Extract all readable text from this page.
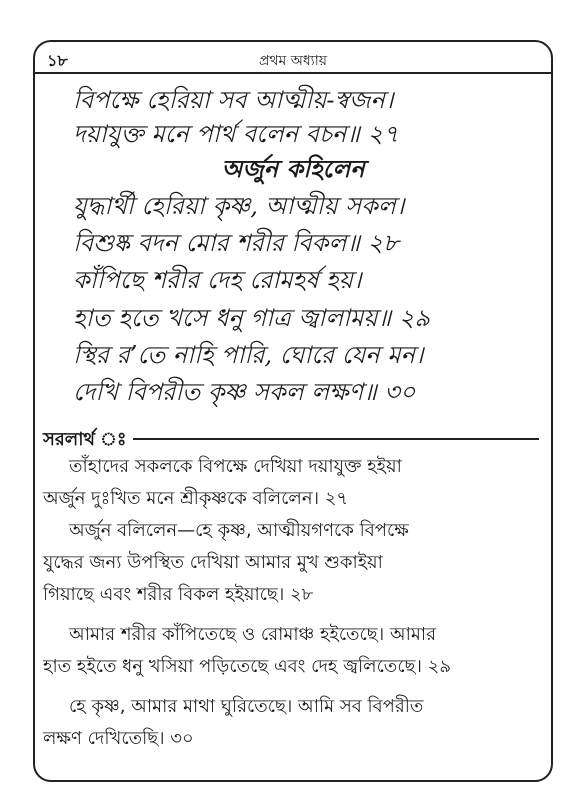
১৮	প্রথম অধ্যায়
বিপক্ষে হেরিয়া সব আত্মীয়-স্বজন।
দয়াযুক্ত মনে পার্থ বলেন বচন॥ ২৭
অর্জুন কহিলেন
যুদ্ধার্থী হেরিয়া কৃষ্ণ, আত্মীয় সকল।
বিশুষ্ক বদন মোর শরীর বিকল॥ ২৮
কাঁপিছে শরীর দেহ রোমহর্ষ হয়।
হাত হতে খসে ধনু গাত্র জ্বালাময়॥ ২৯
স্থির র’তে নাহি পারি, ঘোরে যেন মন।
দেখি বিপরীত কৃষ্ণ সকল লক্ষণ॥ ৩০
সরলার্থ ঃ
তাঁহাদের সকলকে বিপক্ষে দেখিয়া দয়াযুক্ত হইয়া
অর্জুন দুঃখিত মনে শ্রীকৃষ্ণকে বলিলেন। ২৭
অর্জুন বলিলেন—হে কৃষ্ণ, আত্মীয়গণকে বিপক্ষে
যুদ্ধের জন্য উপস্থিত দেখিয়া আমার মুখ শুকাইয়া
গিয়াছে এবং শরীর বিকল হইয়াছে। ২৮
আমার শরীর কাঁপিতেছে ও রোমাঞ্চ হইতেছে। আমার
হাত হইতে ধনু খসিয়া পড়িতেছে এবং দেহ জ্বলিতেছে। ২৯
হে কৃষ্ণ, আমার মাথা ঘুরিতেছে। আমি সব বিপরীত
লক্ষণ দেখিতেছি। ৩০
